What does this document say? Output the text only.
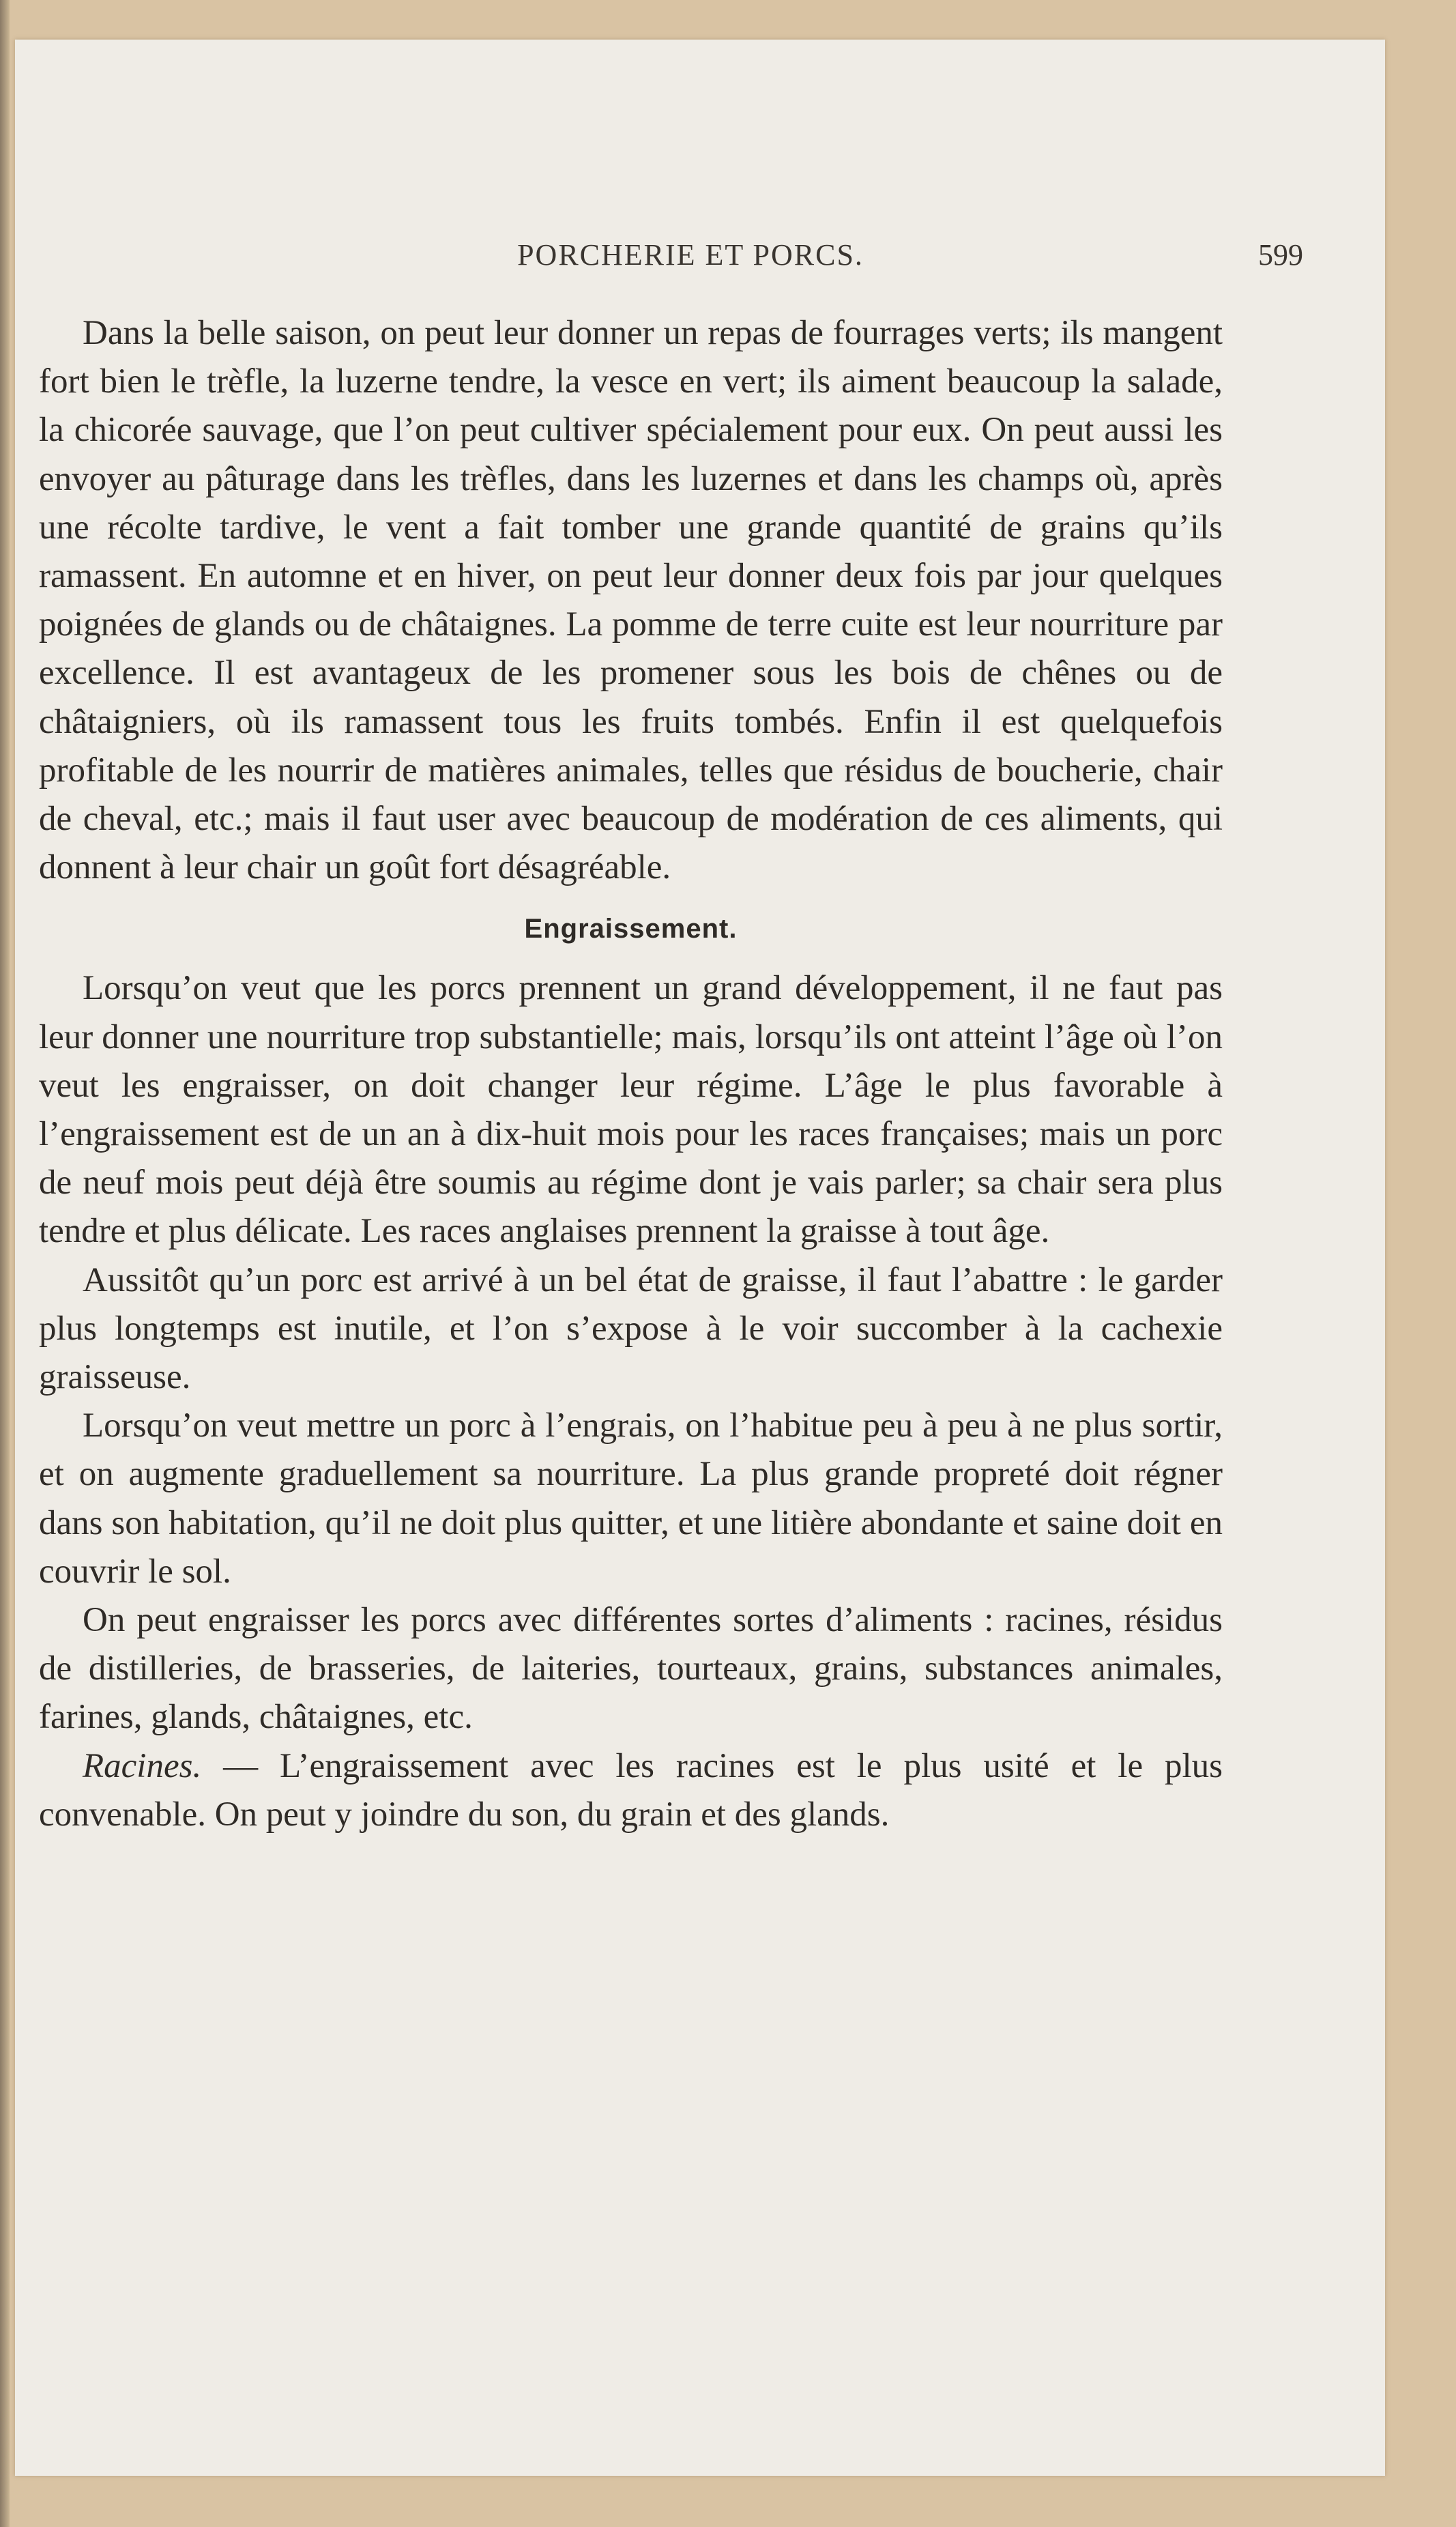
PORCHERIE ET PORCS.	599

Dans la belle saison, on peut leur donner un repas de fourrages verts; ils mangent fort bien le trèfle, la luzerne tendre, la vesce en vert; ils aiment beaucoup la salade, la chicorée sauvage, que l’on peut cultiver spécialement pour eux. On peut aussi les envoyer au pâturage dans les trèfles, dans les luzernes et dans les champs où, après une récolte tardive, le vent a fait tomber une grande quantité de grains qu’ils ramassent. En automne et en hiver, on peut leur donner deux fois par jour quelques poignées de glands ou de châtaignes. La pomme de terre cuite est leur nourriture par excellence. Il est avantageux de les promener sous les bois de chênes ou de châtaigniers, où ils ramassent tous les fruits tombés. Enfin il est quelquefois profitable de les nourrir de matières animales, telles que résidus de boucherie, chair de cheval, etc.; mais il faut user avec beaucoup de modération de ces aliments, qui donnent à leur chair un goût fort désagréable.

Engraissement.

Lorsqu’on veut que les porcs prennent un grand développement, il ne faut pas leur donner une nourriture trop substantielle; mais, lorsqu’ils ont atteint l’âge où l’on veut les engraisser, on doit changer leur régime. L’âge le plus favorable à l’engraissement est de un an à dix-huit mois pour les races françaises; mais un porc de neuf mois peut déjà être soumis au régime dont je vais parler; sa chair sera plus tendre et plus délicate. Les races anglaises prennent la graisse à tout âge.

Aussitôt qu’un porc est arrivé à un bel état de graisse, il faut l’abattre : le garder plus longtemps est inutile, et l’on s’expose à le voir succomber à la cachexie graisseuse.

Lorsqu’on veut mettre un porc à l’engrais, on l’habitue peu à peu à ne plus sortir, et on augmente graduellement sa nourriture. La plus grande propreté doit régner dans son habitation, qu’il ne doit plus quitter, et une litière abondante et saine doit en couvrir le sol.

On peut engraisser les porcs avec différentes sortes d’aliments : racines, résidus de distilleries, de brasseries, de laiteries, tourteaux, grains, substances animales, farines, glands, châtaignes, etc.

Racines. — L’engraissement avec les racines est le plus usité et le plus convenable. On peut y joindre du son, du grain et des glands.
